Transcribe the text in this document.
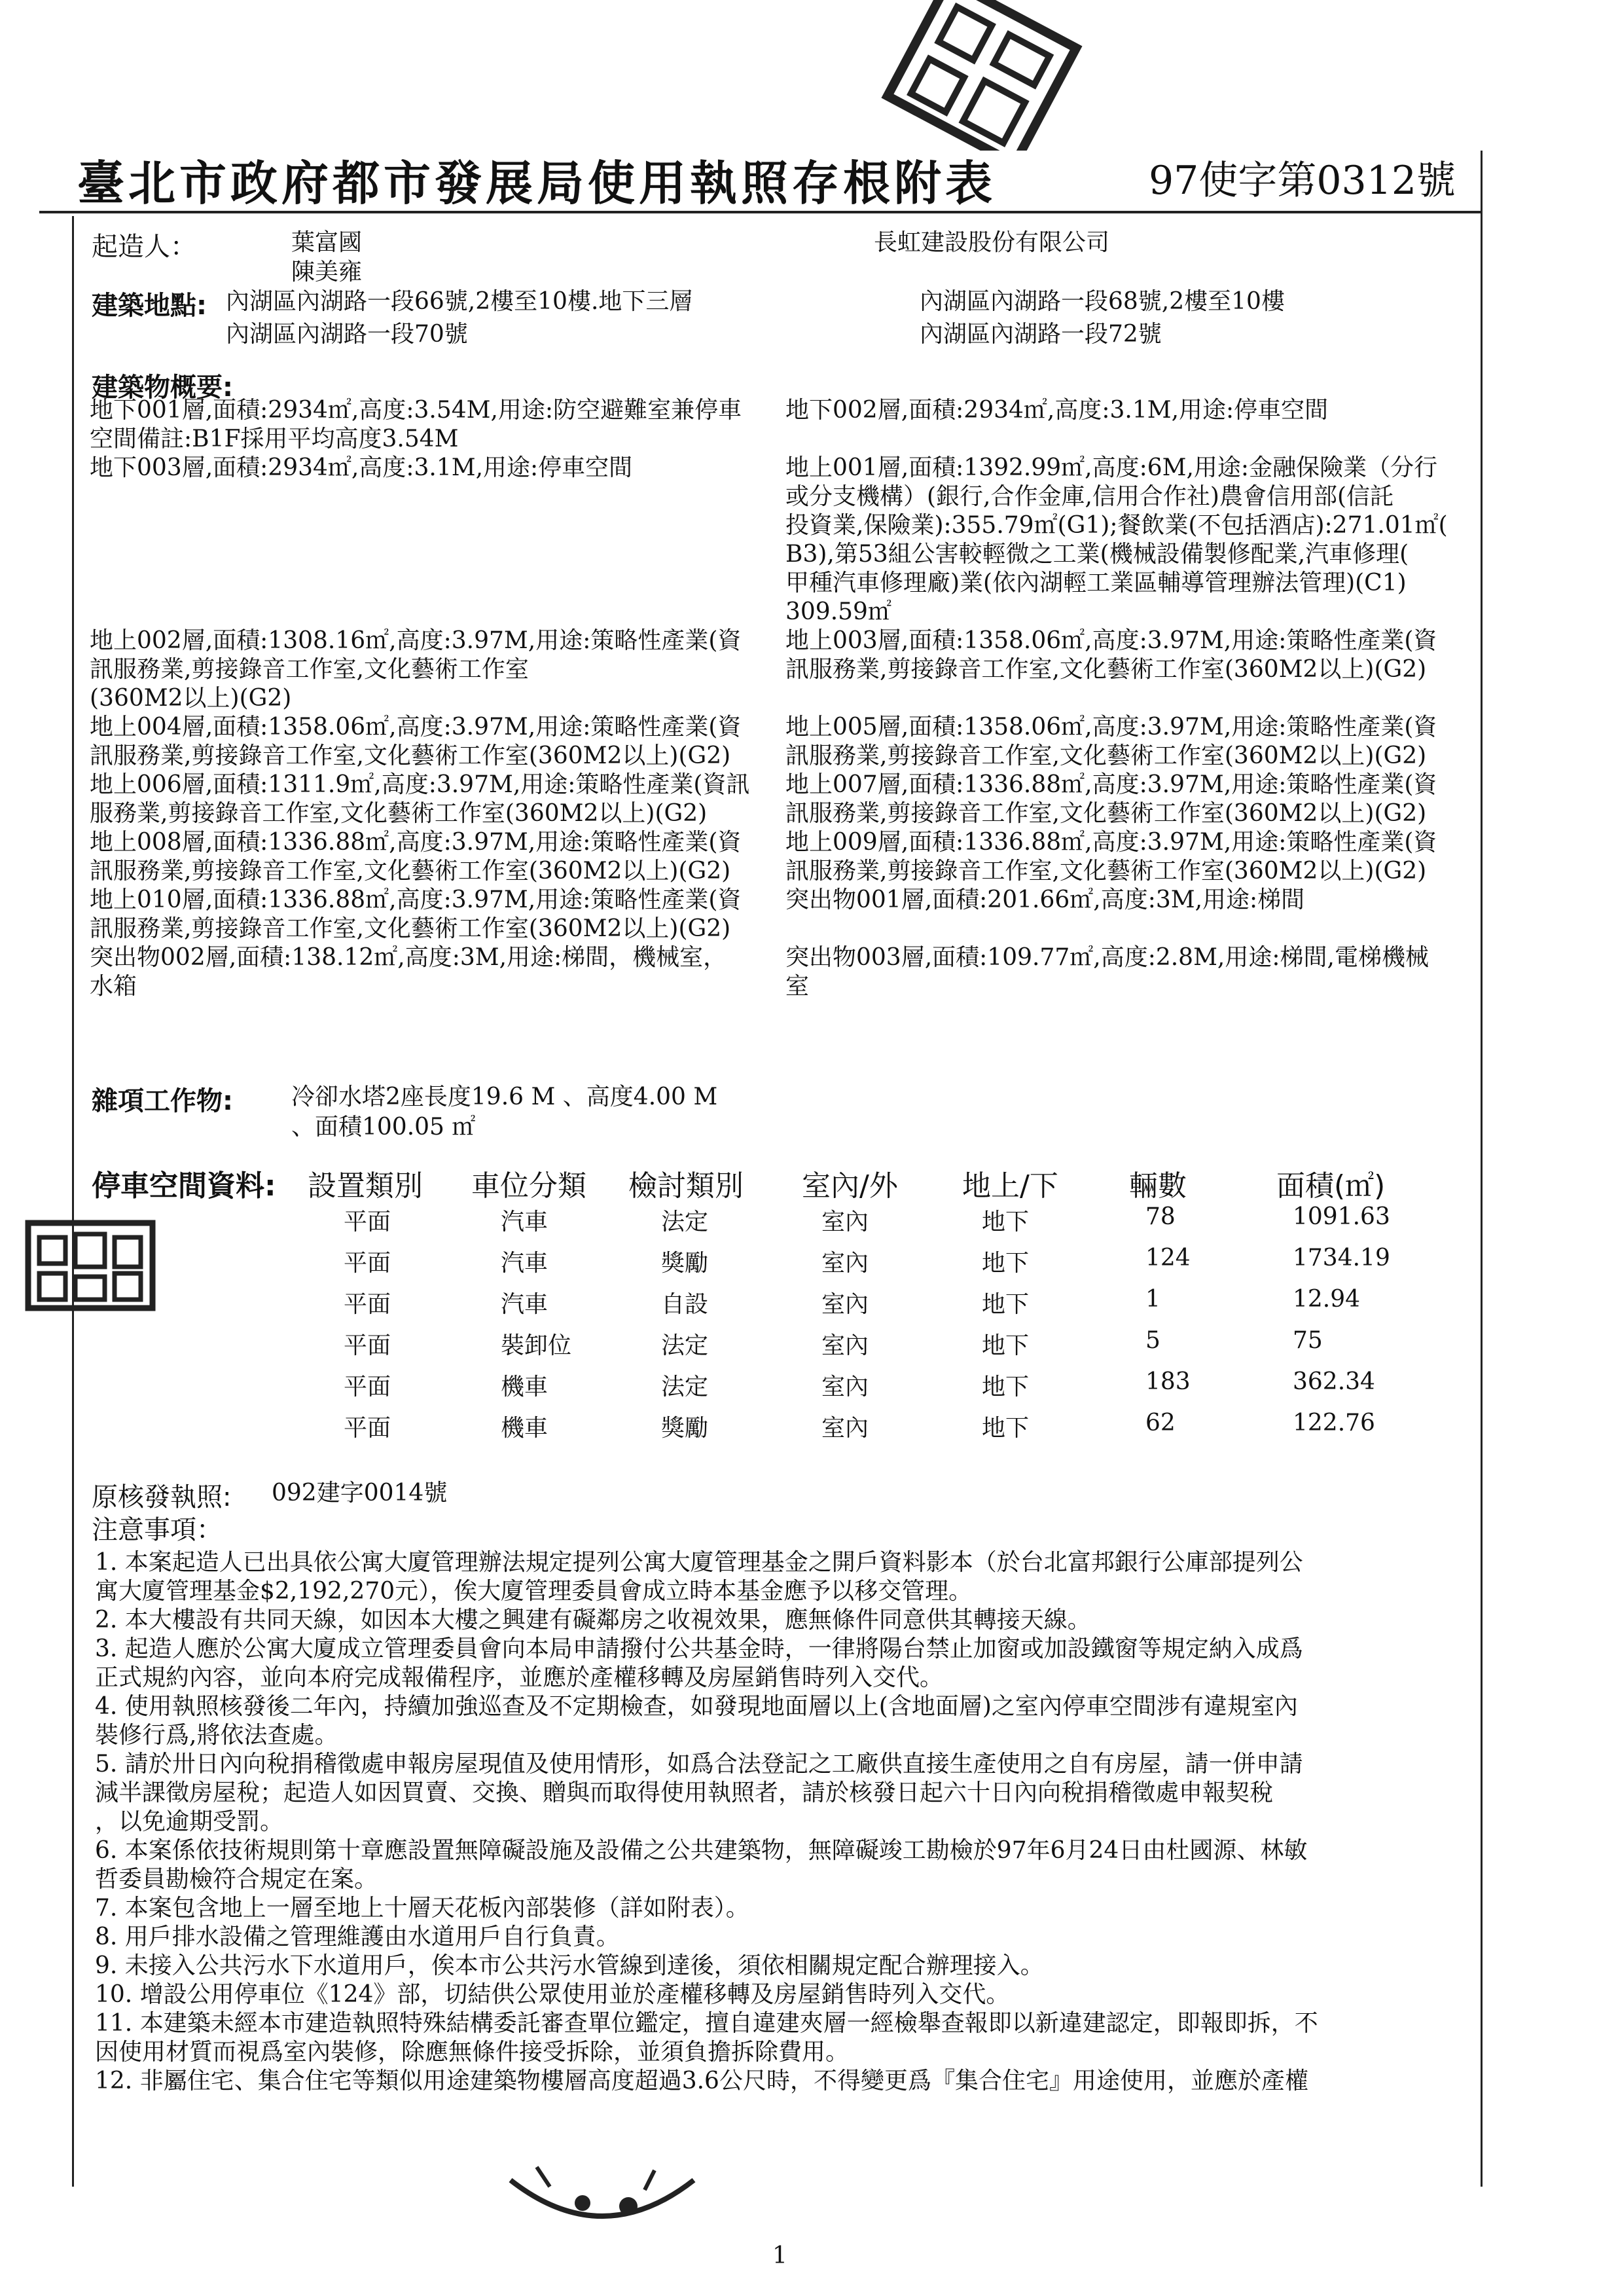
臺北市政府都市發展局使用執照存根附表	97使字第0312號
起造人：	葉富國
陳美雍
長虹建設股份有限公司
建築地點: 內湖區內湖路一段66號,2樓至10樓.地下三層
內湖區內湖路一段70號
內湖區內湖路一段68號,2樓至10樓
內湖區內湖路一段72號
建築物概要:
地下001層,面積:2934㎡,高度:3.54M,用途:防空避難室兼停車
空間備註:B1F採用平均高度3.54M
地下003層,面積:2934㎡,高度:3.1M,用途:停車空間
地上002層,面積:1308.16㎡,高度:3.97M,用途:策略性產業(資
訊服務業,剪接錄音工作室,文化藝術工作室
(360M2以上)(G2)
地上004層,面積:1358.06㎡,高度:3.97M,用途:策略性產業(資
訊服務業,剪接錄音工作室,文化藝術工作室(360M2以上)(G2)
地上006層,面積:1311.9㎡,高度:3.97M,用途:策略性產業(資訊
服務業,剪接錄音工作室,文化藝術工作室(360M2以上)(G2)
地上008層,面積:1336.88㎡,高度:3.97M,用途:策略性產業(資
訊服務業,剪接錄音工作室,文化藝術工作室(360M2以上)(G2)
地上010層,面積:1336.88㎡,高度:3.97M,用途:策略性產業(資
訊服務業,剪接錄音工作室,文化藝術工作室(360M2以上)(G2)
突出物002層,面積:138.12㎡,高度:3M,用途:梯間，機械室，
水箱
地下002層,面積:2934㎡,高度:3.1M,用途:停車空間
地上001層,面積:1392.99㎡,高度:6M,用途:金融保險業（分行
或分支機構）(銀行,合作金庫,信用合作社)農會信用部(信託
投資業,保險業):355.79㎡(G1);餐飲業(不包括酒店):271.01㎡(
B3),第53組公害較輕微之工業(機械設備製修配業,汽車修理(
甲種汽車修理廠)業(依內湖輕工業區輔導管理辦法管理)(C1)
309.59㎡
地上003層,面積:1358.06㎡,高度:3.97M,用途:策略性產業(資
訊服務業,剪接錄音工作室,文化藝術工作室(360M2以上)(G2)
地上005層,面積:1358.06㎡,高度:3.97M,用途:策略性產業(資
訊服務業,剪接錄音工作室,文化藝術工作室(360M2以上)(G2)
地上007層,面積:1336.88㎡,高度:3.97M,用途:策略性產業(資
訊服務業,剪接錄音工作室,文化藝術工作室(360M2以上)(G2)
地上009層,面積:1336.88㎡,高度:3.97M,用途:策略性產業(資
訊服務業,剪接錄音工作室,文化藝術工作室(360M2以上)(G2)
突出物001層,面積:201.66㎡,高度:3M,用途:梯間
突出物003層,面積:109.77㎡,高度:2.8M,用途:梯間,電梯機械
室
雜項工作物: 冷卻水塔2座長度19.6 M 、高度4.00 M
、面積100.05 ㎡
停車空間資料: 設置類別 車位分類 檢討類別 室內/外 地上/下 輛數	面積(㎡)
平面	汽車	法定	室內	地下	78	1091.63
平面	汽車	獎勵	室內	地下	124	1734.19
平面	汽車	自設	室內	地下	1	12.94
平面	裝卸位	法定	室內	地下	5	75
平面	機車	法定	室內	地下	183	362.34
平面	機車	獎勵	室內	地下	62	122.76
原核發執照: 092建字0014號
注意事項：
1. 本案起造人已出具依公寓大廈管理辦法規定提列公寓大廈管理基金之開戶資料影本（於台北富邦銀行公庫部提列公
寓大廈管理基金$2,192,270元），俟大廈管理委員會成立時本基金應予以移交管理。
2. 本大樓設有共同天線，如因本大樓之興建有礙鄰房之收視效果，應無條件同意供其轉接天線。
3. 起造人應於公寓大廈成立管理委員會向本局申請撥付公共基金時，一律將陽台禁止加窗或加設鐵窗等規定納入成爲
正式規約內容，並向本府完成報備程序，並應於產權移轉及房屋銷售時列入交代。
4. 使用執照核發後二年內，持續加強巡查及不定期檢查，如發現地面層以上(含地面層)之室內停車空間涉有違規室內
裝修行爲,將依法查處。
5. 請於卅日內向稅捐稽徵處申報房屋現值及使用情形，如爲合法登記之工廠供直接生產使用之自有房屋，請一併申請
減半課徵房屋稅；起造人如因買賣、交換、贈與而取得使用執照者，請於核發日起六十日內向稅捐稽徵處申報契稅
，以免逾期受罰。
6. 本案係依技術規則第十章應設置無障礙設施及設備之公共建築物，無障礙竣工勘檢於97年6月24日由杜國源、林敏
哲委員勘檢符合規定在案。
7. 本案包含地上一層至地上十層天花板內部裝修（詳如附表）。
8. 用戶排水設備之管理維護由水道用戶自行負責。
9. 未接入公共污水下水道用戶，俟本市公共污水管線到達後，須依相關規定配合辦理接入。
10. 增設公用停車位《124》部，切結供公眾使用並於產權移轉及房屋銷售時列入交代。
11. 本建築未經本市建造執照特殊結構委託審查單位鑑定，擅自違建夾層一經檢舉查報即以新違建認定，即報即拆，不
因使用材質而視爲室內裝修，除應無條件接受拆除，並須負擔拆除費用。
12. 非屬住宅、集合住宅等類似用途建築物樓層高度超過3.6公尺時，不得變更爲『集合住宅』用途使用，並應於產權
1
